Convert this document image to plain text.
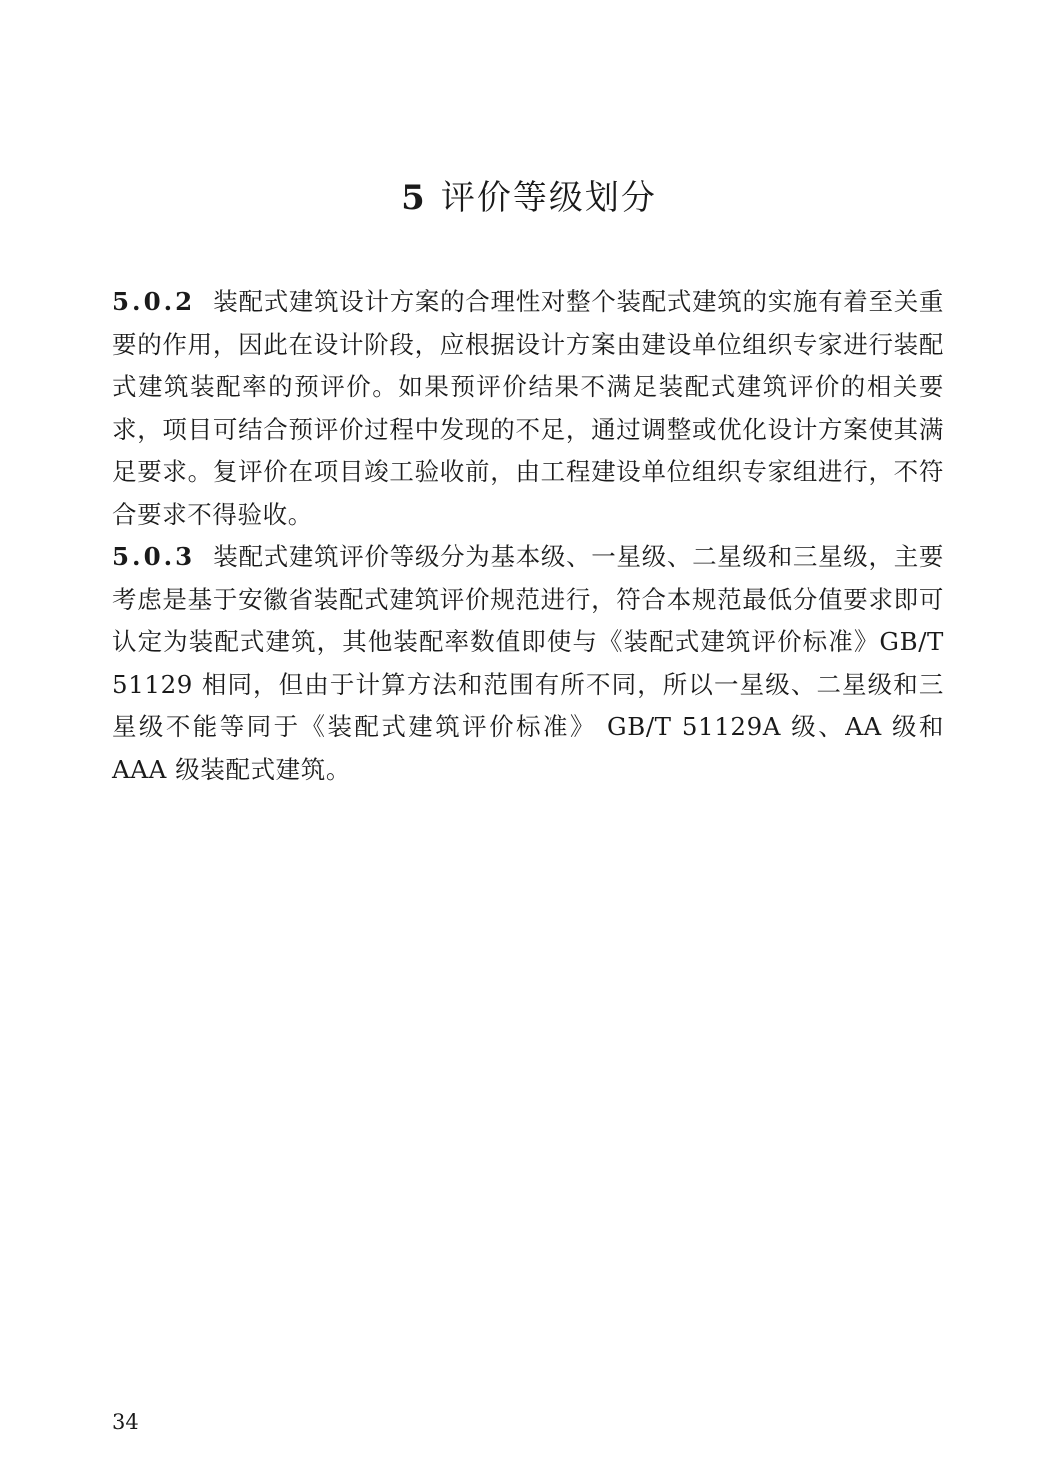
5 评价等级划分

5.0.2 装配式建筑设计方案的合理性对整个装配式建筑的实施有着至关重要的作用，因此在设计阶段，应根据设计方案由建设单位组织专家进行装配式建筑装配率的预评价。如果预评价结果不满足装配式建筑评价的相关要求，项目可结合预评价过程中发现的不足，通过调整或优化设计方案使其满足要求。复评价在项目竣工验收前，由工程建设单位组织专家组进行，不符合要求不得验收。

5.0.3 装配式建筑评价等级分为基本级、一星级、二星级和三星级，主要考虑是基于安徽省装配式建筑评价规范进行，符合本规范最低分值要求即可认定为装配式建筑，其他装配率数值即使与《装配式建筑评价标准》GB/T 51129 相同，但由于计算方法和范围有所不同，所以一星级、二星级和三星级不能等同于《装配式建筑评价标准》 GB/T 51129A 级、AA 级和 AAA 级装配式建筑。

34
